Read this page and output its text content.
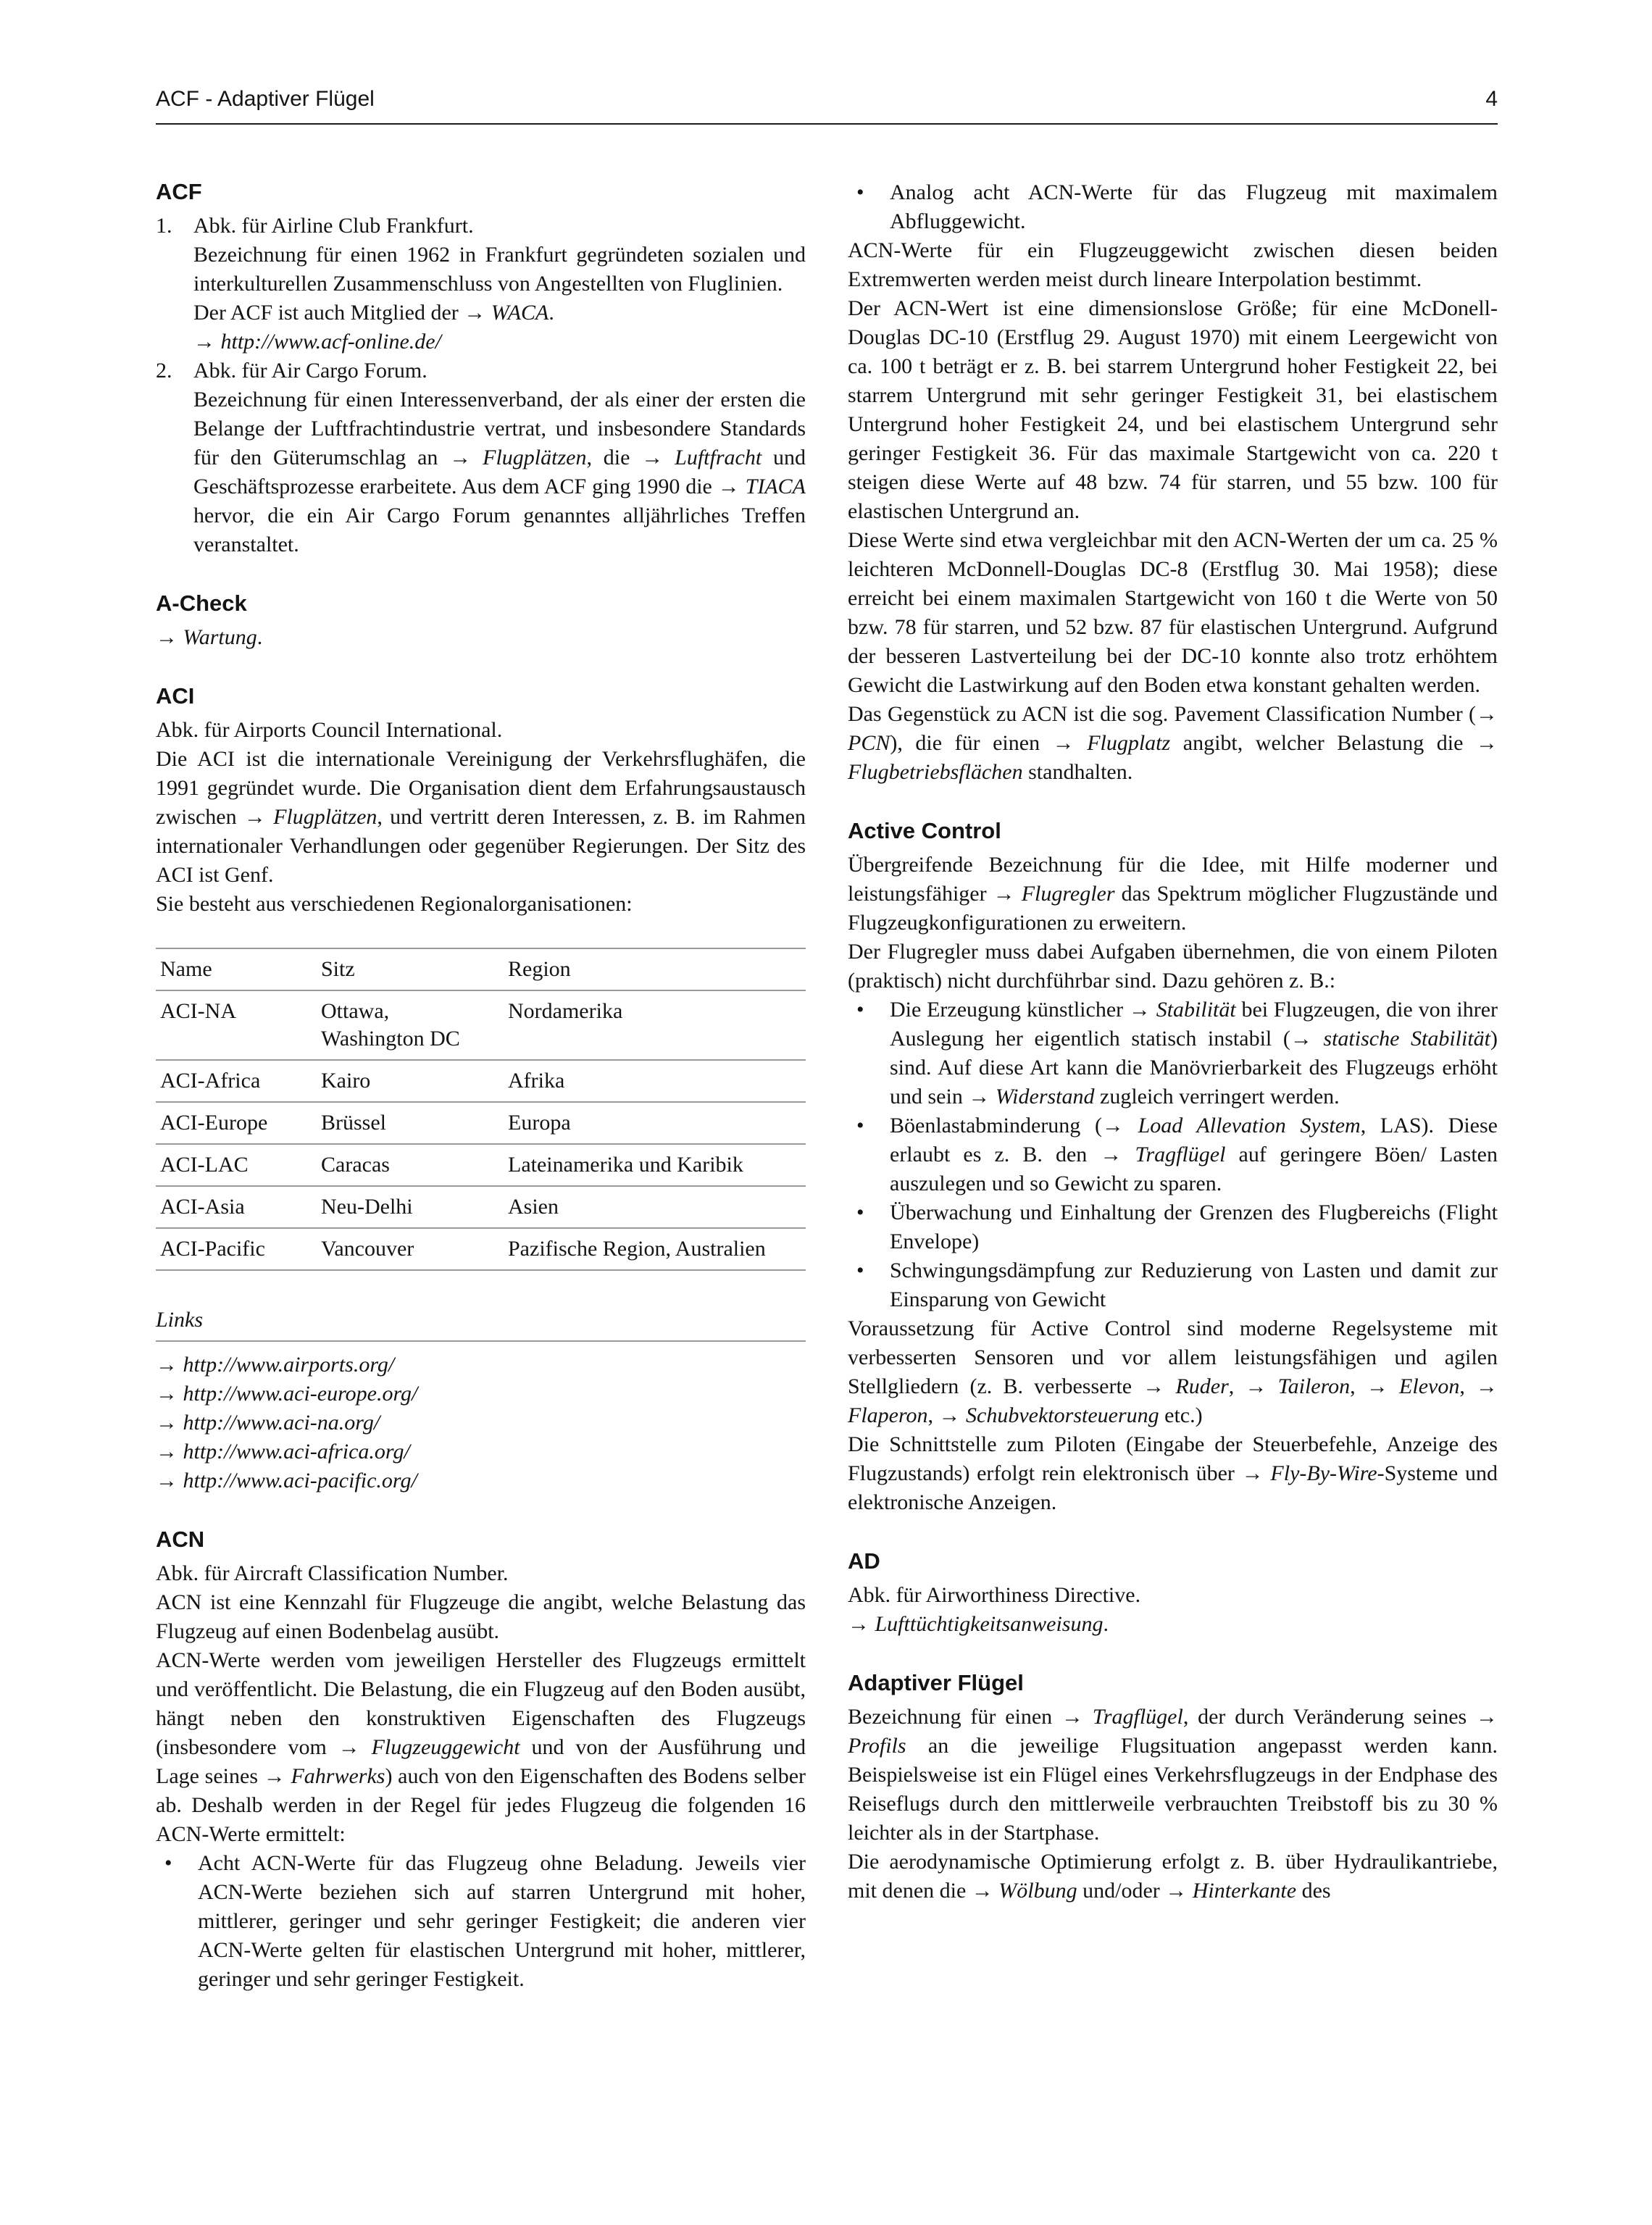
ACF - Adaptiver Flügel	4
ACF
1. Abk. für Airline Club Frankfurt.

Bezeichnung für einen 1962 in Frankfurt gegründeten sozialen und interkulturellen Zusammenschluss von Angestellten von Fluglinien.

Der ACF ist auch Mitglied der → WACA.

→ http://www.acf-online.de/

2. Abk. für Air Cargo Forum.

Bezeichnung für einen Interessenverband, der als einer der ersten die Belange der Luftfrachtindustrie vertrat, und insbesondere Standards für den Güterumschlag an → Flugplätzen, die → Luftfracht und Geschäftsprozesse erarbeitete. Aus dem ACF ging 1990 die → TIACA hervor, die ein Air Cargo Forum genanntes alljährliches Treffen veranstaltet.

A-Check

→ Wartung.

ACI

Abk. für Airports Council International.

Die ACI ist die internationale Vereinigung der Verkehrsflughäfen, die 1991 gegründet wurde. Die Organisation dient dem Erfahrungsaustausch zwischen → Flugplätzen, und vertritt deren Interessen, z. B. im Rahmen internationaler Verhandlungen oder gegenüber Regierungen. Der Sitz des ACI ist Genf.

Sie besteht aus verschiedenen Regionalorganisationen:

Name	Sitz	Region
ACI-NA	Ottawa, Washington DC	Nordamerika
ACI-Africa	Kairo	Afrika
ACI-Europe	Brüssel	Europa
ACI-LAC	Caracas	Lateinamerika und Karibik
ACI-Asia	Neu-Delhi	Asien
ACI-Pacific	Vancouver	Pazifische Region, Australien
Links

→ http://www.airports.org/

→ http://www.aci-europe.org/

→ http://www.aci-na.org/

→ http://www.aci-africa.org/

→ http://www.aci-pacific.org/

ACN

Abk. für Aircraft Classification Number.

ACN ist eine Kennzahl für Flugzeuge die angibt, welche Belastung das Flugzeug auf einen Bodenbelag ausübt.

ACN-Werte werden vom jeweiligen Hersteller des Flugzeugs ermittelt und veröffentlicht. Die Belastung, die ein Flugzeug auf den Boden ausübt, hängt neben den konstruktiven Eigenschaften des Flugzeugs (insbesondere vom → Flugzeuggewicht und von der Ausführung und Lage seines → Fahrwerks) auch von den Eigenschaften des Bodens selber ab. Deshalb werden in der Regel für jedes Flugzeug die folgenden 16 ACN-Werte ermittelt:

•	Acht ACN-Werte für das Flugzeug ohne Beladung. Jeweils vier ACN-Werte beziehen sich auf starren Untergrund mit hoher, mittlerer, geringer und sehr geringer Festigkeit; die anderen vier ACN-Werte gelten für elastischen Untergrund mit hoher, mittlerer, geringer und sehr geringer Festigkeit.

•	Analog acht ACN-Werte für das Flugzeug mit maximalem Abfluggewicht.

ACN-Werte für ein Flugzeuggewicht zwischen diesen beiden Extremwerten werden meist durch lineare Interpolation bestimmt.

Der ACN-Wert ist eine dimensionslose Größe; für eine McDonell-Douglas DC-10 (Erstflug 29. August 1970) mit einem Leergewicht von ca. 100 t beträgt er z. B. bei starrem Untergrund hoher Festigkeit 22, bei starrem Untergrund mit sehr geringer Festigkeit 31, bei elastischem Untergrund hoher Festigkeit 24, und bei elastischem Untergrund sehr geringer Festigkeit 36. Für das maximale Startgewicht von ca. 220 t steigen diese Werte auf 48 bzw. 74 für starren, und 55 bzw. 100 für elastischen Untergrund an.

Diese Werte sind etwa vergleichbar mit den ACN-Werten der um ca. 25 % leichteren McDonnell-Douglas DC-8 (Erstflug 30. Mai 1958); diese erreicht bei einem maximalen Startgewicht von 160 t die Werte von 50 bzw. 78 für starren, und 52 bzw. 87 für elastischen Untergrund. Aufgrund der besseren Lastverteilung bei der DC-10 konnte also trotz erhöhtem Gewicht die Lastwirkung auf den Boden etwa konstant gehalten werden.

Das Gegenstück zu ACN ist die sog. Pavement Classification Number (→ PCN), die für einen → Flugplatz angibt, welcher Belastung die → Flugbetriebsflächen standhalten.

Active Control

Übergreifende Bezeichnung für die Idee, mit Hilfe moderner und leistungsfähiger → Flugregler das Spektrum möglicher Flugzustände und Flugzeugkonfigurationen zu erweitern.

Der Flugregler muss dabei Aufgaben übernehmen, die von einem Piloten (praktisch) nicht durchführbar sind. Dazu gehören z. B.:

•	Die Erzeugung künstlicher → Stabilität bei Flugzeugen, die von ihrer Auslegung her eigentlich statisch instabil (→ statische Stabilität) sind. Auf diese Art kann die Manövrierbarkeit des Flugzeugs erhöht und sein → Widerstand zugleich verringert werden.

•	Böenlastabminderung (→ Load Allevation System, LAS). Diese erlaubt es z. B. den → Tragflügel auf geringere Böen/ Lasten auszulegen und so Gewicht zu sparen.

•	Überwachung und Einhaltung der Grenzen des Flugbereichs (Flight Envelope)

•	Schwingungsdämpfung zur Reduzierung von Lasten und damit zur Einsparung von Gewicht

Voraussetzung für Active Control sind moderne Regelsysteme mit verbesserten Sensoren und vor allem leistungsfähigen und agilen Stellgliedern (z. B. verbesserte → Ruder, → Taileron, → Elevon, → Flaperon, → Schubvektorsteuerung etc.)

Die Schnittstelle zum Piloten (Eingabe der Steuerbefehle, Anzeige des Flugzustands) erfolgt rein elektronisch über → Fly-By-Wire-Systeme und elektronische Anzeigen.

AD

Abk. für Airworthiness Directive.

→ Lufttüchtigkeitsanweisung.

Adaptiver Flügel

Bezeichnung für einen → Tragflügel, der durch Veränderung seines → Profils an die jeweilige Flugsituation angepasst werden kann. Beispielsweise ist ein Flügel eines Verkehrsflugzeugs in der Endphase des Reiseflugs durch den mittlerweile verbrauchten Treibstoff bis zu 30 % leichter als in der Startphase.

Die aerodynamische Optimierung erfolgt z. B. über Hydraulikantriebe, mit denen die → Wölbung und/oder → Hinterkante des
